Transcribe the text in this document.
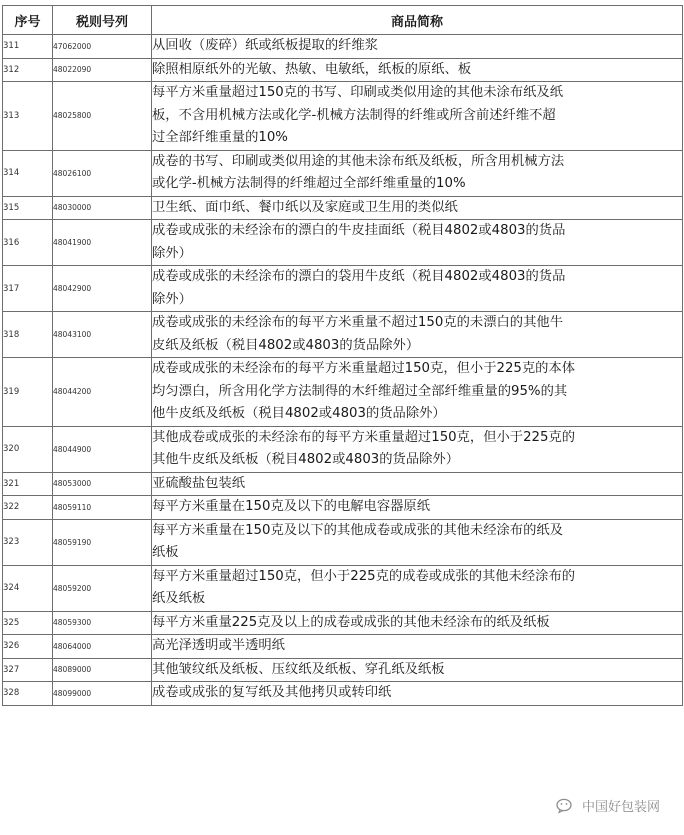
序号	税则号列	商品简称
311	47062000	从回收（废碎）纸或纸板提取的纤维浆
312	48022090	除照相原纸外的光敏、热敏、电敏纸，纸板的原纸、板
313	48025800	每平方米重量超过150克的书写、印刷或类似用途的其他未涂布纸及纸
板，不含用机械方法或化学-机械方法制得的纤维或所含前述纤维不超
过全部纤维重量的10%
314	48026100	成卷的书写、印刷或类似用途的其他未涂布纸及纸板，所含用机械方法
或化学-机械方法制得的纤维超过全部纤维重量的10%
315	48030000	卫生纸、面巾纸、餐巾纸以及家庭或卫生用的类似纸
316	48041900	成卷或成张的未经涂布的漂白的牛皮挂面纸（税目4802或4803的货品
除外）
317	48042900	成卷或成张的未经涂布的漂白的袋用牛皮纸（税目4802或4803的货品
除外）
318	48043100	成卷或成张的未经涂布的每平方米重量不超过150克的未漂白的其他牛
皮纸及纸板（税目4802或4803的货品除外）
319	48044200	成卷或成张的未经涂布的每平方米重量超过150克，但小于225克的本体
均匀漂白，所含用化学方法制得的木纤维超过全部纤维重量的95%的其
他牛皮纸及纸板（税目4802或4803的货品除外）
320	48044900	其他成卷或成张的未经涂布的每平方米重量超过150克，但小于225克的
其他牛皮纸及纸板（税目4802或4803的货品除外）
321	48053000	亚硫酸盐包装纸
322	48059110	每平方米重量在150克及以下的电解电容器原纸
323	48059190	每平方米重量在150克及以下的其他成卷或成张的其他未经涂布的纸及
纸板
324	48059200	每平方米重量超过150克，但小于225克的成卷或成张的其他未经涂布的
纸及纸板
325	48059300	每平方米重量225克及以上的成卷或成张的其他未经涂布的纸及纸板
326	48064000	高光泽透明或半透明纸
327	48089000	其他皱纹纸及纸板、压纹纸及纸板、穿孔纸及纸板
328	48099000	成卷或成张的复写纸及其他拷贝或转印纸
中国好包装网
